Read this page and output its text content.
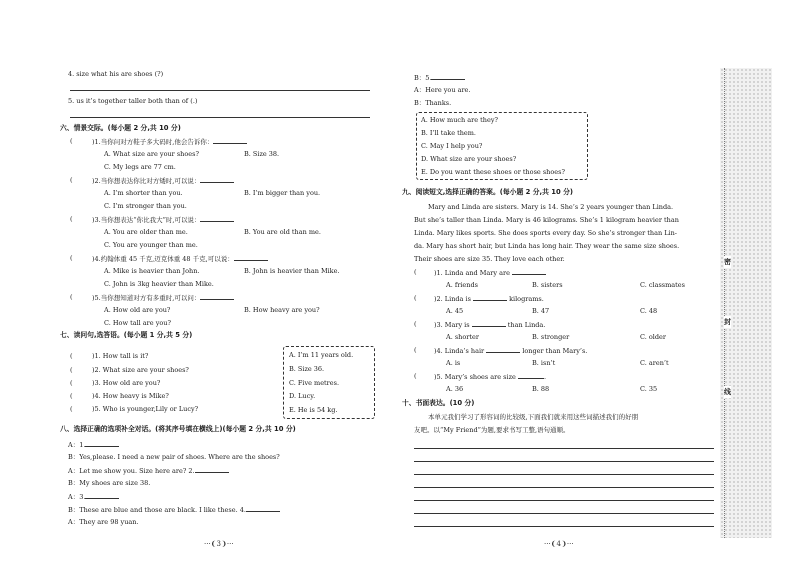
4. size what his are shoes (?)
5. us it’s together taller both than of (.)
六、情景交际。(每小题 2 分,共 10 分)
(	)1.当你问对方鞋子多大码时,他会告诉你：
A. What size are your shoes?	B. Size 38.
C. My legs are 77 cm.
(	)2.当你想表达你比对方矮时,可以说：
A. I’m shorter than you.	B. I’m bigger than you.
C. I’m stronger than you.
(	)3.当你想表达“你比我大”时,可以说：
A. You are older than me.	B. You are old than me.
C. You are younger than me.
(	)4.约翰体重 45 千克,迈克体重 48 千克,可以说：
A. Mike is heavier than John.	B. John is heavier than Mike.
C. John is 3kg heavier than Mike.
(	)5.当你想知道对方有多重时,可以问：
A. How old are you?	B. How heavy are you?
C. How tall are you?
七、读问句,选答语。(每小题 1 分,共 5 分)
(	)1. How tall is it?
(	)2. What size are your shoes?
(	)3. How old are you?
(	)4. How heavy is Mike?
(	)5. Who is younger,Lily or Lucy?
A. I’m 11 years old.
B. Size 36.
C. Five metres.
D. Lucy.
E. He is 54 kg.
八、选择正确的选项补全对话。(将其序号填在横线上)(每小题 2 分,共 10 分)
A：1.
B：Yes,please. I need a new pair of shoes. Where are the shoes?
A：Let me show you. Size here are? 2.
B：My shoes are size 38.
A：3.
B：These are blue and those are black. I like these. 4.
A：They are 98 yuan.
···❨3❩···
B：5.
A：Here you are.
B：Thanks.
A. How much are they?
B. I’ll take them.
C. May I help you?
D. What size are your shoes?
E. Do you want these shoes or those shoes?
九、阅读短文,选择正确的答案。(每小题 2 分,共 10 分)
Mary and Linda are sisters. Mary is 14. She’s 2 years younger than Linda.
But she’s taller than Linda. Mary is 46 kilograms. She’s 1 kilogram heavier than
Linda. Mary likes sports. She does sports every day. So she’s stronger than Lin-
da. Mary has short hair, but Linda has long hair. They wear the same size shoes.
Their shoes are size 35. They love each other.
(	)1. Linda and Mary are
A. friends	B. sisters	C. classmates
(	)2. Linda is	kilograms.
A. 45	B. 47	C. 48
(	)3. Mary is	than Linda.
A. shorter	B. stronger	C. older
(	)4. Linda’s hair	longer than Mary’s.
A. is	B. isn’t	C. aren’t
(	)5. Mary’s shoes are size	.
A. 36	B. 88	C. 35
十、书面表达。(10 分)
本单元我们学习了形容词的比较级,下面我们就来用这些词描述我们的好朋
友吧。以“My Friend”为题,要求书写工整,语句通顺。
···❨4❩···
密
封
线
